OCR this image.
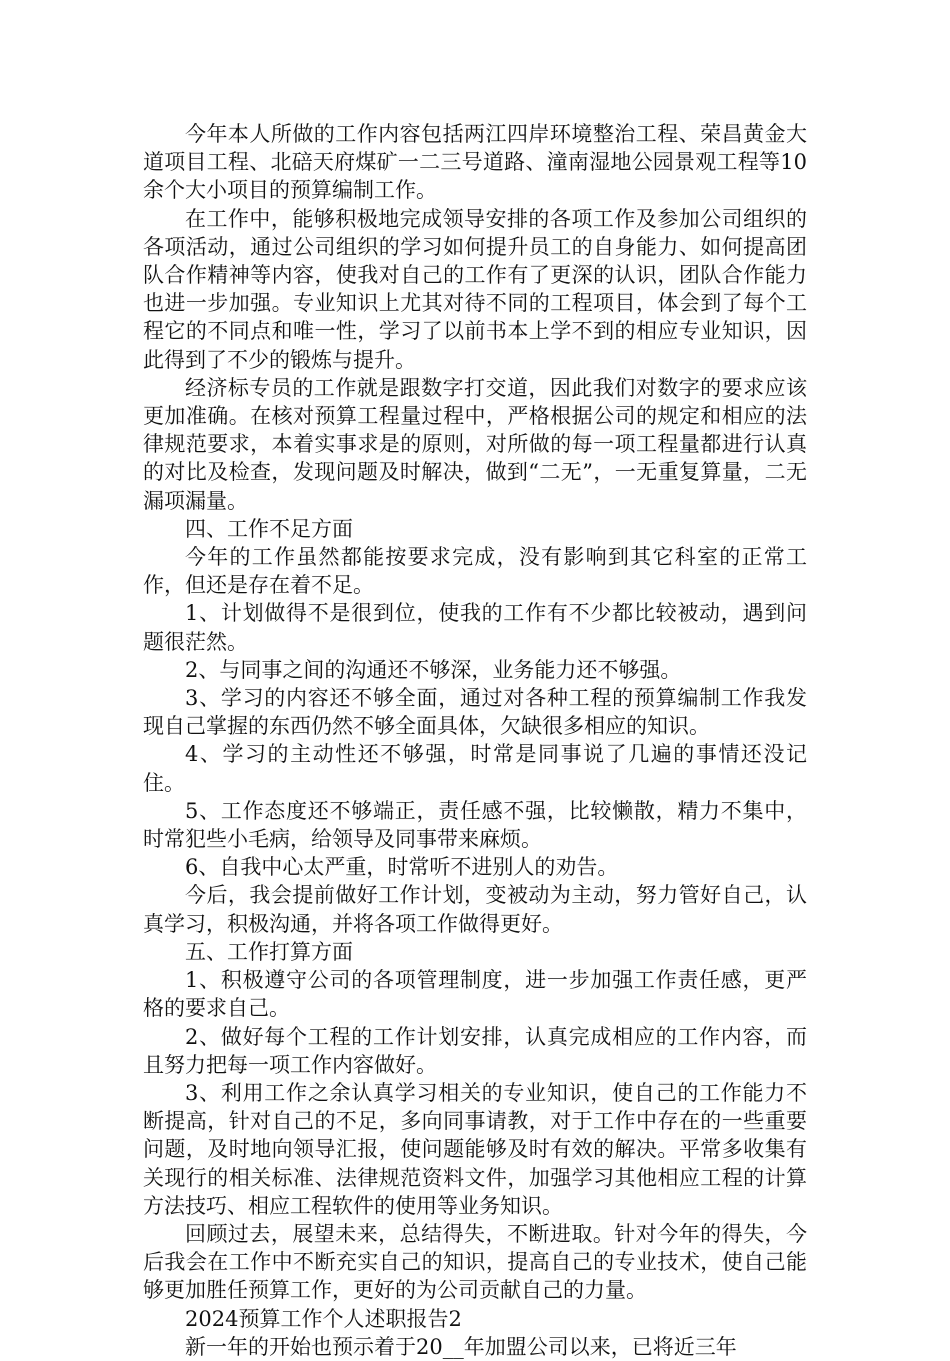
今年本人所做的工作内容包括两江四岸环境整治工程、荣昌黄金大道项目工程、北碚天府煤矿一二三号道路、潼南湿地公园景观工程等10余个大小项目的预算编制工作。

在工作中，能够积极地完成领导安排的各项工作及参加公司组织的各项活动，通过公司组织的学习如何提升员工的自身能力、如何提高团队合作精神等内容，使我对自己的工作有了更深的认识，团队合作能力也进一步加强。专业知识上尤其对待不同的工程项目，体会到了每个工程它的不同点和唯一性，学习了以前书本上学不到的相应专业知识，因此得到了不少的锻炼与提升。

经济标专员的工作就是跟数字打交道，因此我们对数字的要求应该更加准确。在核对预算工程量过程中，严格根据公司的规定和相应的法律规范要求，本着实事求是的原则，对所做的每一项工程量都进行认真的对比及检查，发现问题及时解决，做到“二无”，一无重复算量，二无漏项漏量。

四、工作不足方面

今年的工作虽然都能按要求完成，没有影响到其它科室的正常工作，但还是存在着不足。

1、计划做得不是很到位，使我的工作有不少都比较被动，遇到问题很茫然。

2、与同事之间的沟通还不够深，业务能力还不够强。

3、学习的内容还不够全面，通过对各种工程的预算编制工作我发现自己掌握的东西仍然不够全面具体，欠缺很多相应的知识。

4、学习的主动性还不够强，时常是同事说了几遍的事情还没记住。

5、工作态度还不够端正，责任感不强，比较懒散，精力不集中，时常犯些小毛病，给领导及同事带来麻烦。

6、自我中心太严重，时常听不进别人的劝告。

今后，我会提前做好工作计划，变被动为主动，努力管好自己，认真学习，积极沟通，并将各项工作做得更好。

五、工作打算方面

1、积极遵守公司的各项管理制度，进一步加强工作责任感，更严格的要求自己。

2、做好每个工程的工作计划安排，认真完成相应的工作内容，而且努力把每一项工作内容做好。

3、利用工作之余认真学习相关的专业知识，使自己的工作能力不断提高，针对自己的不足，多向同事请教，对于工作中存在的一些重要问题，及时地向领导汇报，使问题能够及时有效的解决。平常多收集有关现行的相关标准、法律规范资料文件，加强学习其他相应工程的计算方法技巧、相应工程软件的使用等业务知识。

回顾过去，展望未来，总结得失，不断进取。针对今年的得失，今后我会在工作中不断充实自己的知识，提高自己的专业技术，使自己能够更加胜任预算工作，更好的为公司贡献自己的力量。

2024预算工作个人述职报告2

新一年的开始也预示着于20__年加盟公司以来，已将近三年
